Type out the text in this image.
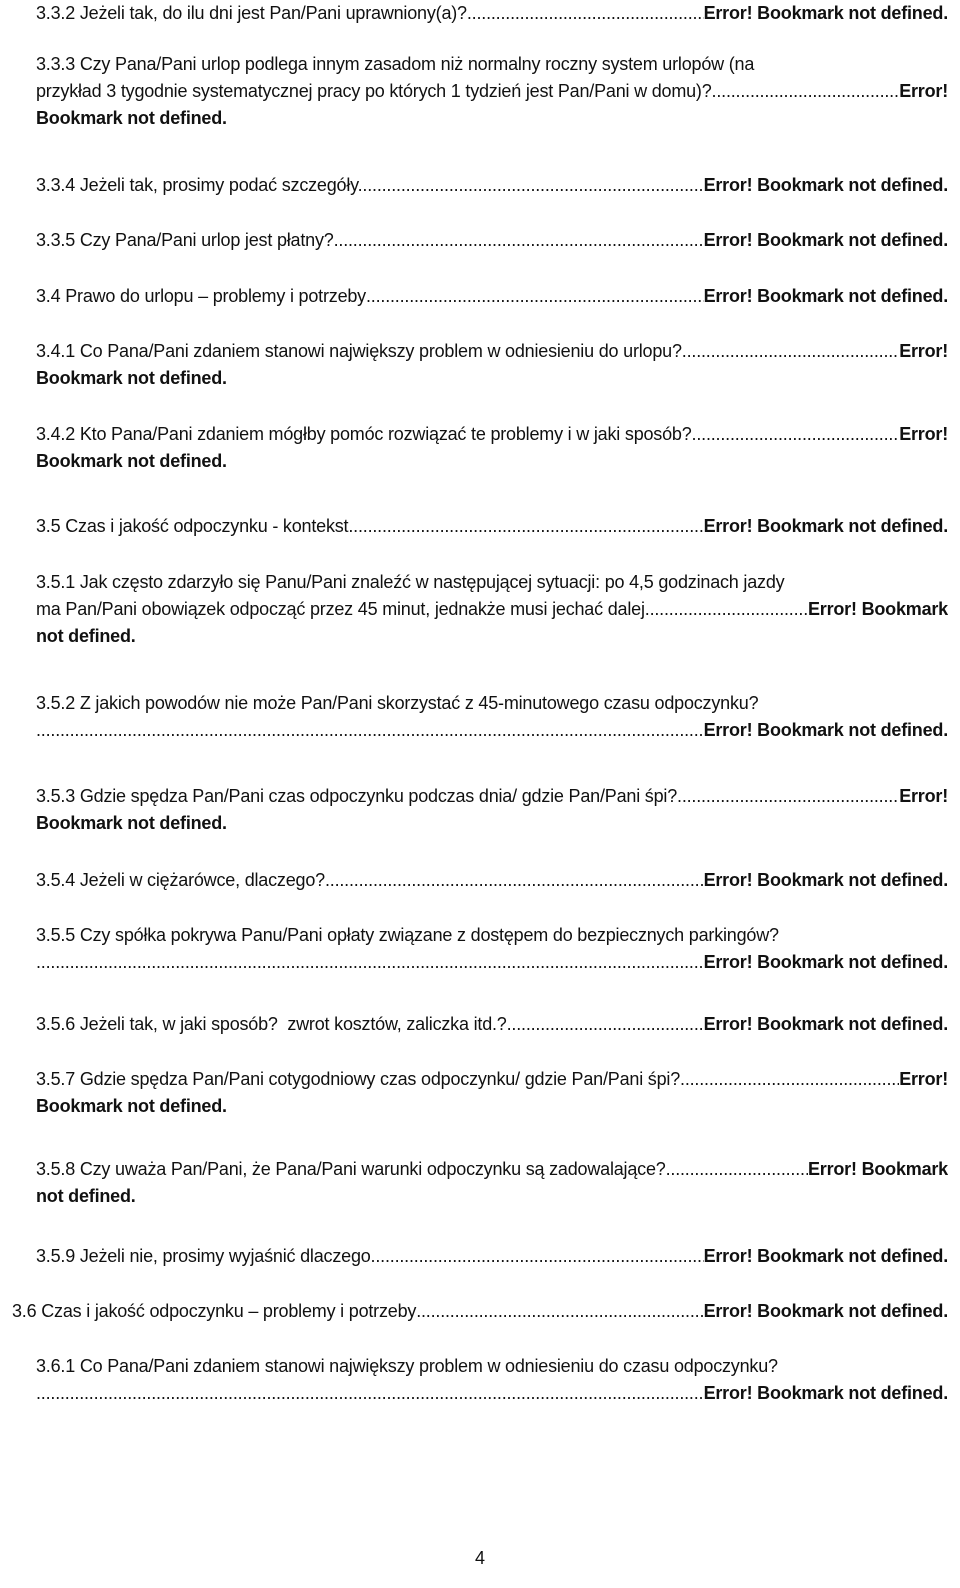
3.3.2 Jeżeli tak, do ilu dni jest Pan/Pani uprawniony(a)? .....	Error! Bookmark not defined.
3.3.3 Czy Pana/Pani urlop podlega innym zasadom niż normalny roczny system urlopów (na
przykład 3 tygodnie systematycznej pracy po których 1 tydzień jest Pan/Pani w domu)? .....	Error!
Bookmark not defined.
3.3.4 Jeżeli tak, prosimy podać szczegóły. .....	Error! Bookmark not defined.
3.3.5 Czy Pana/Pani urlop jest płatny? .....	Error! Bookmark not defined.
3.4 Prawo do urlopu – problemy i potrzeby .....	Error! Bookmark not defined.
3.4.1 Co Pana/Pani zdaniem stanowi największy problem w odniesieniu do urlopu? .....	Error!
Bookmark not defined.
3.4.2 Kto Pana/Pani zdaniem mógłby pomóc rozwiązać te problemy i w jaki sposób? .....	Error!
Bookmark not defined.
3.5 Czas i jakość odpoczynku - kontekst .....	Error! Bookmark not defined.
3.5.1 Jak często zdarzyło się Panu/Pani znaleźć w następującej sytuacji: po 4,5 godzinach jazdy
ma Pan/Pani obowiązek odpocząć przez 45 minut, jednakże musi jechać dalej. .....	Error! Bookmark
not defined.
3.5.2 Z jakich powodów nie może Pan/Pani skorzystać z 45-minutowego czasu odpoczynku?
.....
Error! Bookmark not defined.
3.5.3 Gdzie spędza Pan/Pani czas odpoczynku podczas dnia/ gdzie Pan/Pani śpi? .....	Error!
Bookmark not defined.
3.5.4 Jeżeli w ciężarówce, dlaczego? .....	Error! Bookmark not defined.
3.5.5 Czy spółka pokrywa Panu/Pani opłaty związane z dostępem do bezpiecznych parkingów?
.....
Error! Bookmark not defined.
3.5.6 Jeżeli tak, w jaki sposób?  zwrot kosztów, zaliczka itd.? .....	Error! Bookmark not defined.
3.5.7 Gdzie spędza Pan/Pani cotygodniowy czas odpoczynku/ gdzie Pan/Pani śpi? .....	Error!
Bookmark not defined.
3.5.8 Czy uważa Pan/Pani, że Pana/Pani warunki odpoczynku są zadowalające? .....	Error! Bookmark
not defined.
3.5.9 Jeżeli nie, prosimy wyjaśnić dlaczego. .....	Error! Bookmark not defined.
3.6 Czas i jakość odpoczynku – problemy i potrzeby .....	Error! Bookmark not defined.
3.6.1 Co Pana/Pani zdaniem stanowi największy problem w odniesieniu do czasu odpoczynku?
.....
Error! Bookmark not defined.
4
